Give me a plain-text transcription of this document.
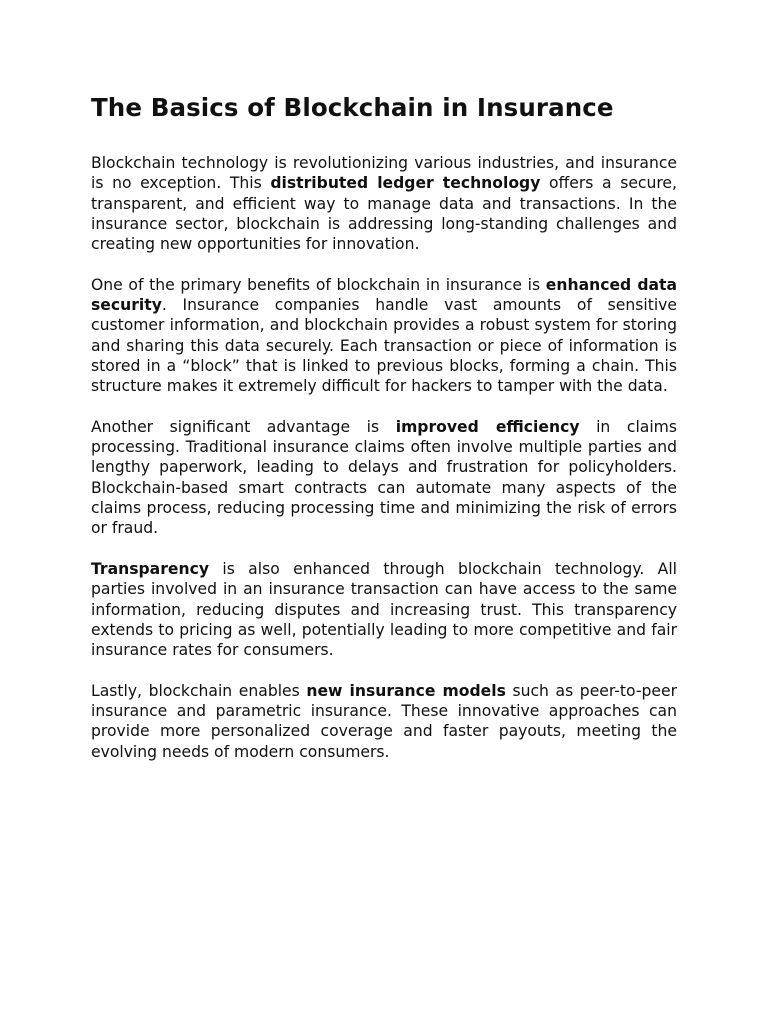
The Basics of Blockchain in Insurance

Blockchain technology is revolutionizing various industries, and insurance is no exception. This distributed ledger technology offers a secure, transparent, and efficient way to manage data and transactions. In the insurance sector, blockchain is addressing long-standing challenges and creating new opportunities for innovation.

One of the primary benefits of blockchain in insurance is enhanced data security. Insurance companies handle vast amounts of sensitive customer information, and blockchain provides a robust system for storing and sharing this data securely. Each transaction or piece of information is stored in a “block” that is linked to previous blocks, forming a chain. This structure makes it extremely difficult for hackers to tamper with the data.

Another significant advantage is improved efficiency in claims processing. Traditional insurance claims often involve multiple parties and lengthy paperwork, leading to delays and frustration for policyholders. Blockchain-based smart contracts can automate many aspects of the claims process, reducing processing time and minimizing the risk of errors or fraud.

Transparency is also enhanced through blockchain technology. All parties involved in an insurance transaction can have access to the same information, reducing disputes and increasing trust. This transparency extends to pricing as well, potentially leading to more competitive and fair insurance rates for consumers.

Lastly, blockchain enables new insurance models such as peer-to-peer insurance and parametric insurance. These innovative approaches can provide more personalized coverage and faster payouts, meeting the evolving needs of modern consumers.
